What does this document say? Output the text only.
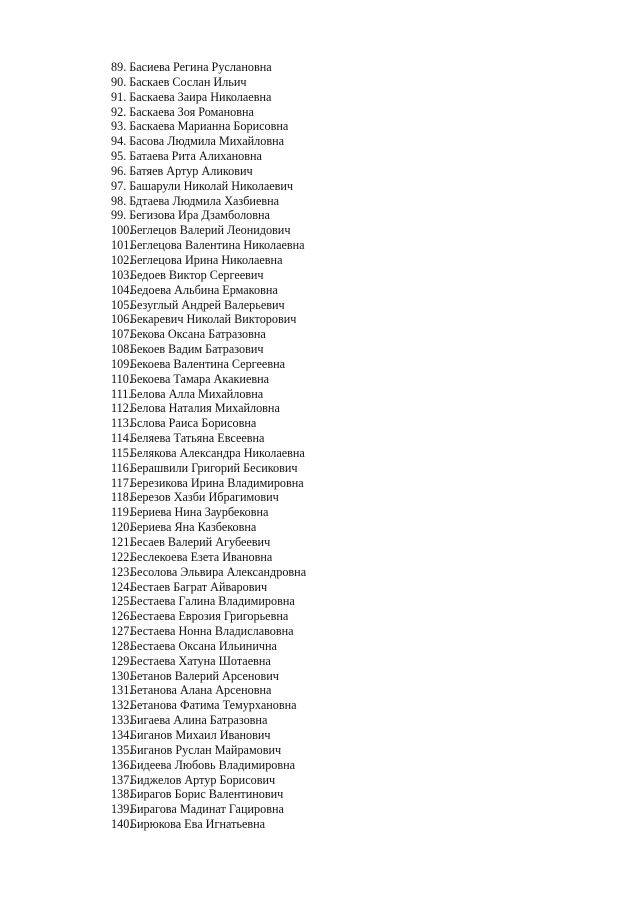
89. Басиева Регина Руслановна
90. Баскаев Сослан Ильич
91. Баскаева Заира Николаевна
92. Баскаева Зоя Романовна
93. Баскаева Марианна Борисовна
94. Басова Людмила Михайловна
95. Батаева Рита Алихановна
96. Батяев Артур Аликович
97. Башарули Николай Николаевич
98. Бдтаева Людмила Хазбиевна
99. Бегизова Ира Дзамболовна
100.Беглецов Валерий Леонидович
101.Беглецова Валентина Николаевна
102.Беглецова Ирина Николаевна
103.Бедоев Виктор Сергеевич
104.Бедоева Альбина Ермаковна
105.Безуглый Андрей Валерьевич
106.Бекаревич Николай Викторович
107.Бекова Оксана Батразовна
108.Бекоев Вадим Батразович
109.Бекоева Валентина Сергеевна
110.Бекоева Тамара Акакиевна
111.Белова Алла Михайловна
112.Белова Наталия Михайловна
113.Бслова Раиса Борисовна
114.Беляева Татьяна Евсеевна
115.Белякова Александра Николаевна
116.Берашвили Григорий Бесикович
117.Березикова Ирина Владимировна
118.Березов Хазби Ибрагимович
119.Бериева Нина Заурбековна
120.Бериева Яна Казбековна
121.Бесаев Валерий Агубеевич
122.Беслекоева Езета Ивановна
123.Бесолова Эльвира Александровна
124.Бестаев Баграт Айварович
125.Бестаева Галина Владимировна
126.Бестаева Еврозия Григорьевна
127.Бестаева Нонна Владиславовна
128.Бестаева Оксана Ильинична
129.Бестаева Хатуна Шотаевна
130.Бетанов Валерий Арсенович
131.Бетанова Алана Арсеновна
132.Бетанова Фатима Темурхановна
133.Бигаева Алина Батразовна
134.Биганов Михаил Иванович
135.Биганов Руслан Майрамович
136.Бидеева Любовь Владимировна
137.Биджелов Артур Борисович
138.Бирагов Борис Валентинович
139.Бирагова Мадинат Гацировна
140.Бирюкова Ева Игнатьевна
